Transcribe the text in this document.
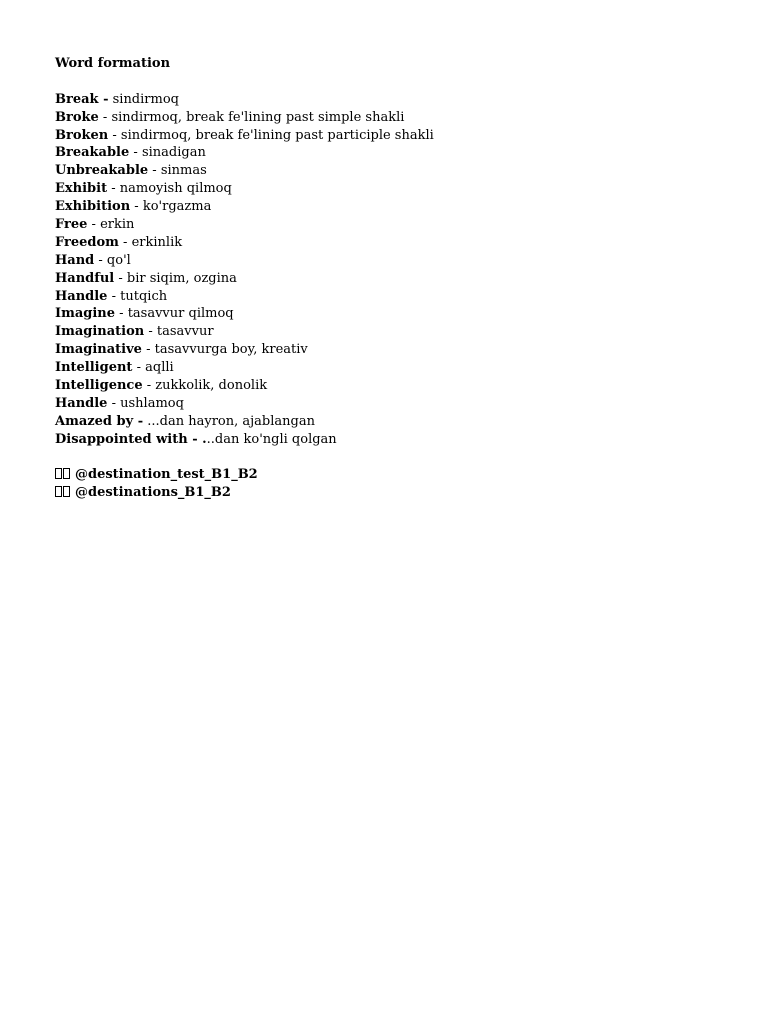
Word formation
Break - sindirmoq
Broke - sindirmoq, break fe'lining past simple shakli
Broken - sindirmoq, break fe'lining past participle shakli
Breakable - sinadigan
Unbreakable - sinmas
Exhibit - namoyish qilmoq
Exhibition - ko'rgazma
Free - erkin
Freedom - erkinlik
Hand - qo'l
Handful - bir siqim, ozgina
Handle - tutqich
Imagine - tasavvur qilmoq
Imagination - tasavvur
Imaginative - tasavvurga boy, kreativ
Intelligent - aqlli
Intelligence - zukkolik, donolik
Handle - ushlamoq
Amazed by - ...dan hayron, ajablangan
Disappointed with - ...dan ko'ngli qolgan
@destination_test_B1_B2
@destinations_B1_B2
